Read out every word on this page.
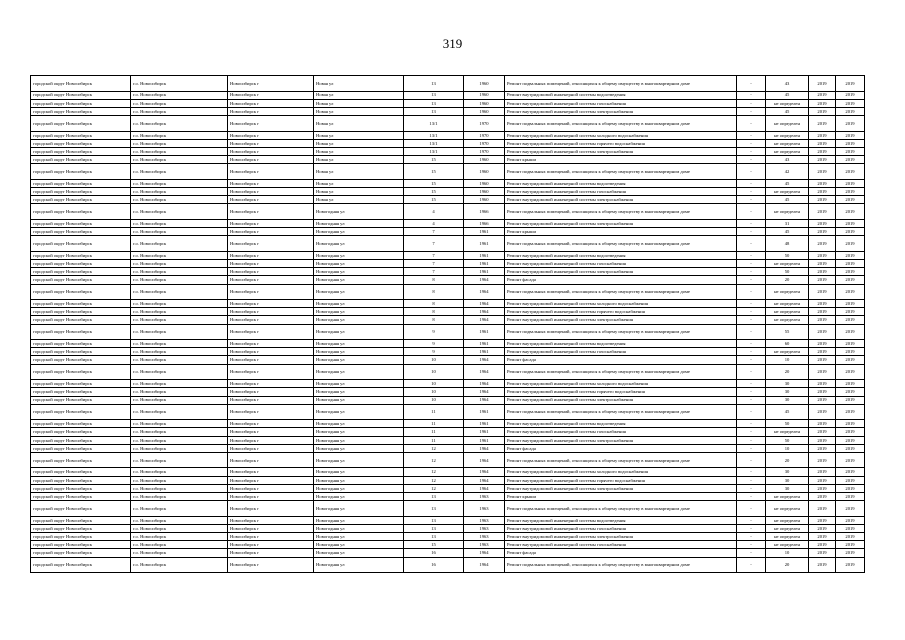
319
городской округ Новосибирск	г.о. Новосибирск	Новосибирск г	Новая ул	13	1960	Ремонт подвальных помещений, относящихся к общему имуществу в многоквартирном доме	-	43	2019	2019
городской округ Новосибирск	г.о. Новосибирск	Новосибирск г	Новая ул	13	1960	Ремонт внутридомовой инженерной системы водоотведения	-	45	2019	2019
городской округ Новосибирск	г.о. Новосибирск	Новосибирск г	Новая ул	13	1960	Ремонт внутридомовой инженерной системы газоснабжения	-	не определен	2019	2019
городской округ Новосибирск	г.о. Новосибирск	Новосибирск г	Новая ул	13	1960	Ремонт внутридомовой инженерной системы электроснабжения	-	45	2019	2019
городской округ Новосибирск	г.о. Новосибирск	Новосибирск г	Новая ул	13/1	1970	Ремонт подвальных помещений, относящихся к общему имуществу в многоквартирном доме	-	не определен	2019	2019
городской округ Новосибирск	г.о. Новосибирск	Новосибирск г	Новая ул	13/1	1970	Ремонт внутридомовой инженерной системы холодного водоснабжения	-	не определен	2019	2019
городской округ Новосибирск	г.о. Новосибирск	Новосибирск г	Новая ул	13/1	1970	Ремонт внутридомовой инженерной системы горячего водоснабжения	-	не определен	2019	2019
городской округ Новосибирск	г.о. Новосибирск	Новосибирск г	Новая ул	13/1	1970	Ремонт внутридомовой инженерной системы электроснабжения	-	не определен	2019	2019
городской округ Новосибирск	г.о. Новосибирск	Новосибирск г	Новая ул	15	1960	Ремонт крыши	-	43	2019	2019
городской округ Новосибирск	г.о. Новосибирск	Новосибирск г	Новая ул	15	1960	Ремонт подвальных помещений, относящихся к общему имуществу в многоквартирном доме	-	42	2019	2019
городской округ Новосибирск	г.о. Новосибирск	Новосибирск г	Новая ул	15	1960	Ремонт внутридомовой инженерной системы водоотведения	-	45	2019	2019
городской округ Новосибирск	г.о. Новосибирск	Новосибирск г	Новая ул	15	1960	Ремонт внутридомовой инженерной системы газоснабжения	-	не определен	2019	2019
городской округ Новосибирск	г.о. Новосибирск	Новосибирск г	Новая ул	15	1960	Ремонт внутридомовой инженерной системы электроснабжения	-	45	2019	2019
городской округ Новосибирск	г.о. Новосибирск	Новосибирск г	Новогодняя ул	4	1966	Ремонт подвальных помещений, относящихся к общему имуществу в многоквартирном доме	-	не определен	2019	2019
городской округ Новосибирск	г.о. Новосибирск	Новосибирск г	Новогодняя ул	4	1966	Ремонт внутридомовой инженерной системы электроснабжения	-	31	2019	2019
городской округ Новосибирск	г.о. Новосибирск	Новосибирск г	Новогодняя ул	7	1961	Ремонт крыши	-	45	2019	2019
городской округ Новосибирск	г.о. Новосибирск	Новосибирск г	Новогодняя ул	7	1961	Ремонт подвальных помещений, относящихся к общему имуществу в многоквартирном доме	-	48	2019	2019
городской округ Новосибирск	г.о. Новосибирск	Новосибирск г	Новогодняя ул	7	1961	Ремонт внутридомовой инженерной системы водоотведения	-	50	2019	2019
городской округ Новосибирск	г.о. Новосибирск	Новосибирск г	Новогодняя ул	7	1961	Ремонт внутридомовой инженерной системы газоснабжения	-	не определен	2019	2019
городской округ Новосибирск	г.о. Новосибирск	Новосибирск г	Новогодняя ул	7	1961	Ремонт внутридомовой инженерной системы электроснабжения	-	50	2019	2019
городской округ Новосибирск	г.о. Новосибирск	Новосибирск г	Новогодняя ул	8	1964	Ремонт фасада	-	20	2019	2019
городской округ Новосибирск	г.о. Новосибирск	Новосибирск г	Новогодняя ул	8	1964	Ремонт подвальных помещений, относящихся к общему имуществу в многоквартирном доме	-	не определен	2019	2019
городской округ Новосибирск	г.о. Новосибирск	Новосибирск г	Новогодняя ул	8	1964	Ремонт внутридомовой инженерной системы холодного водоснабжения	-	не определен	2019	2019
городской округ Новосибирск	г.о. Новосибирск	Новосибирск г	Новогодняя ул	8	1964	Ремонт внутридомовой инженерной системы горячего водоснабжения	-	не определен	2019	2019
городской округ Новосибирск	г.о. Новосибирск	Новосибирск г	Новогодняя ул	8	1964	Ремонт внутридомовой инженерной системы электроснабжения	-	не определен	2019	2019
городской округ Новосибирск	г.о. Новосибирск	Новосибирск г	Новогодняя ул	9	1961	Ремонт подвальных помещений, относящихся к общему имуществу в многоквартирном доме	-	55	2019	2019
городской округ Новосибирск	г.о. Новосибирск	Новосибирск г	Новогодняя ул	9	1961	Ремонт внутридомовой инженерной системы водоотведения	-	60	2019	2019
городской округ Новосибирск	г.о. Новосибирск	Новосибирск г	Новогодняя ул	9	1961	Ремонт внутридомовой инженерной системы газоснабжения	-	не определен	2019	2019
городской округ Новосибирск	г.о. Новосибирск	Новосибирск г	Новогодняя ул	10	1964	Ремонт фасада	-	10	2019	2019
городской округ Новосибирск	г.о. Новосибирск	Новосибирск г	Новогодняя ул	10	1964	Ремонт подвальных помещений, относящихся к общему имуществу в многоквартирном доме	-	20	2019	2019
городской округ Новосибирск	г.о. Новосибирск	Новосибирск г	Новогодняя ул	10	1964	Ремонт внутридомовой инженерной системы холодного водоснабжения	-	30	2019	2019
городской округ Новосибирск	г.о. Новосибирск	Новосибирск г	Новогодняя ул	10	1964	Ремонт внутридомовой инженерной системы горячего водоснабжения	-	30	2019	2019
городской округ Новосибирск	г.о. Новосибирск	Новосибирск г	Новогодняя ул	10	1964	Ремонт внутридомовой инженерной системы электроснабжения	-	30	2019	2019
городской округ Новосибирск	г.о. Новосибирск	Новосибирск г	Новогодняя ул	11	1961	Ремонт подвальных помещений, относящихся к общему имуществу в многоквартирном доме	-	45	2019	2019
городской округ Новосибирск	г.о. Новосибирск	Новосибирск г	Новогодняя ул	11	1961	Ремонт внутридомовой инженерной системы водоотведения	-	50	2019	2019
городской округ Новосибирск	г.о. Новосибирск	Новосибирск г	Новогодняя ул	11	1961	Ремонт внутридомовой инженерной системы газоснабжения	-	не определен	2019	2019
городской округ Новосибирск	г.о. Новосибирск	Новосибирск г	Новогодняя ул	11	1961	Ремонт внутридомовой инженерной системы электроснабжения	-	50	2019	2019
городской округ Новосибирск	г.о. Новосибирск	Новосибирск г	Новогодняя ул	12	1964	Ремонт фасада	-	10	2019	2019
городской округ Новосибирск	г.о. Новосибирск	Новосибирск г	Новогодняя ул	12	1964	Ремонт подвальных помещений, относящихся к общему имуществу в многоквартирном доме	-	20	2019	2019
городской округ Новосибирск	г.о. Новосибирск	Новосибирск г	Новогодняя ул	12	1964	Ремонт внутридомовой инженерной системы холодного водоснабжения	-	30	2019	2019
городской округ Новосибирск	г.о. Новосибирск	Новосибирск г	Новогодняя ул	12	1964	Ремонт внутридомовой инженерной системы горячего водоснабжения	-	30	2019	2019
городской округ Новосибирск	г.о. Новосибирск	Новосибирск г	Новогодняя ул	12	1964	Ремонт внутридомовой инженерной системы электроснабжения	-	30	2019	2019
городской округ Новосибирск	г.о. Новосибирск	Новосибирск г	Новогодняя ул	13	1963	Ремонт крыши	-	не определен	2019	2019
городской округ Новосибирск	г.о. Новосибирск	Новосибирск г	Новогодняя ул	13	1963	Ремонт подвальных помещений, относящихся к общему имуществу в многоквартирном доме	-	не определен	2019	2019
городской округ Новосибирск	г.о. Новосибирск	Новосибирск г	Новогодняя ул	13	1963	Ремонт внутридомовой инженерной системы водоотведения	-	не определен	2019	2019
городской округ Новосибирск	г.о. Новосибирск	Новосибирск г	Новогодняя ул	13	1963	Ремонт внутридомовой инженерной системы газоснабжения	-	не определен	2019	2019
городской округ Новосибирск	г.о. Новосибирск	Новосибирск г	Новогодняя ул	13	1963	Ремонт внутридомовой инженерной системы электроснабжения	-	не определен	2019	2019
городской округ Новосибирск	г.о. Новосибирск	Новосибирск г	Новогодняя ул	15	1963	Ремонт внутридомовой инженерной системы газоснабжения	-	не определен	2019	2019
городской округ Новосибирск	г.о. Новосибирск	Новосибирск г	Новогодняя ул	16	1964	Ремонт фасада	-	10	2019	2019
городской округ Новосибирск	г.о. Новосибирск	Новосибирск г	Новогодняя ул	16	1964	Ремонт подвальных помещений, относящихся к общему имуществу в многоквартирном доме	-	20	2019	2019
